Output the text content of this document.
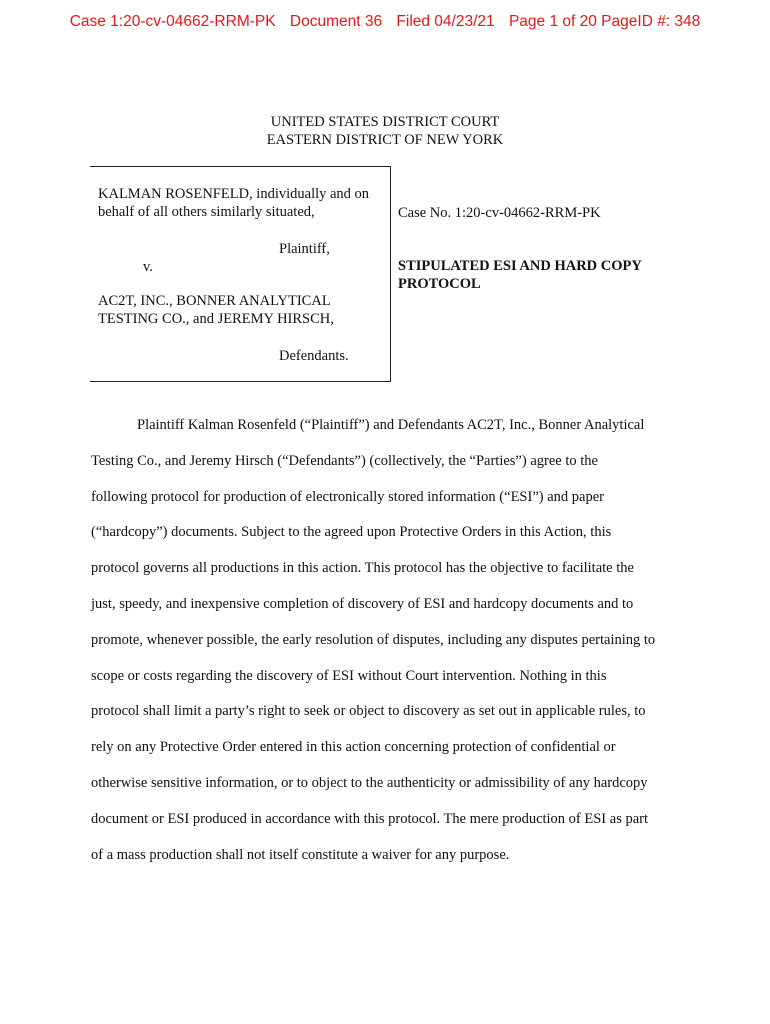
Case 1:20-cv-04662-RRM-PK Document 36 Filed 04/23/21 Page 1 of 20 PageID #: 348
UNITED STATES DISTRICT COURT
EASTERN DISTRICT OF NEW YORK
KALMAN ROSENFELD, individually and on
behalf of all others similarly situated,
Plaintiff,
v.
AC2T, INC., BONNER ANALYTICAL
TESTING CO., and JEREMY HIRSCH,
Defendants.
Case No. 1:20-cv-04662-RRM-PK
STIPULATED ESI AND HARD COPY
PROTOCOL
Plaintiff Kalman Rosenfeld (“Plaintiff”) and Defendants AC2T, Inc., Bonner Analytical
Testing Co., and Jeremy Hirsch (“Defendants”) (collectively, the “Parties”) agree to the
following protocol for production of electronically stored information (“ESI”) and paper
(“hardcopy”) documents. Subject to the agreed upon Protective Orders in this Action, this
protocol governs all productions in this action. This protocol has the objective to facilitate the
just, speedy, and inexpensive completion of discovery of ESI and hardcopy documents and to
promote, whenever possible, the early resolution of disputes, including any disputes pertaining to
scope or costs regarding the discovery of ESI without Court intervention. Nothing in this
protocol shall limit a party’s right to seek or object to discovery as set out in applicable rules, to
rely on any Protective Order entered in this action concerning protection of confidential or
otherwise sensitive information, or to object to the authenticity or admissibility of any hardcopy
document or ESI produced in accordance with this protocol. The mere production of ESI as part
of a mass production shall not itself constitute a waiver for any purpose.
